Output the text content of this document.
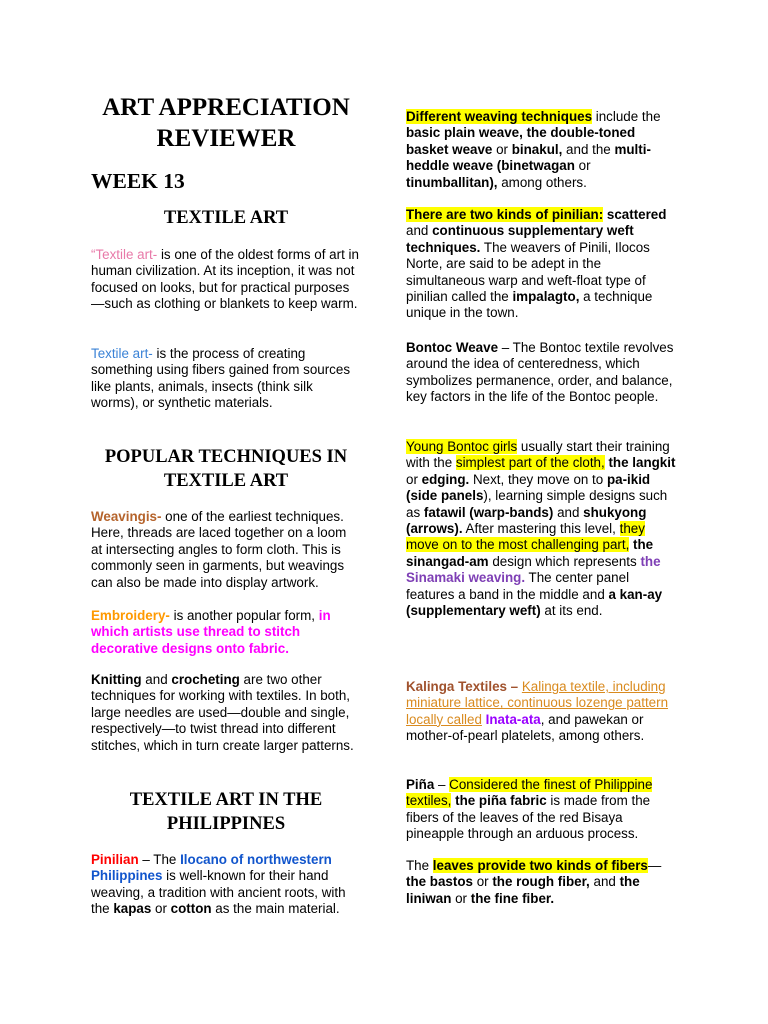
ART APPRECIATION
REVIEWER
WEEK 13
TEXTILE ART

“Textile art- is one of the oldest forms of art in human civilization. At its inception, it was not focused on looks, but for practical purposes—such as clothing or blankets to keep warm.

Textile art- is the process of creating something using fibers gained from sources like plants, animals, insects (think silk worms), or synthetic materials.

POPULAR TECHNIQUES IN
TEXTILE ART

Weavingis- one of the earliest techniques. Here, threads are laced together on a loom at intersecting angles to form cloth. This is commonly seen in garments, but weavings can also be made into display artwork.

Embroidery- is another popular form, in which artists use thread to stitch decorative designs onto fabric.

Knitting and crocheting are two other techniques for working with textiles. In both, large needles are used—double and single, respectively—to twist thread into different stitches, which in turn create larger patterns.

TEXTILE ART IN THE
PHILIPPINES

Pinilian – The Ilocano of northwestern Philippines is well-known for their hand weaving, a tradition with ancient roots, with the kapas or cotton as the main material.

Different weaving techniques include the basic plain weave, the double-toned basket weave or binakul, and the multi-heddle weave (binetwagan or tinumballitan), among others.

There are two kinds of pinilian: scattered and continuous supplementary weft techniques. The weavers of Pinili, Ilocos Norte, are said to be adept in the simultaneous warp and weft-float type of pinilian called the impalagto, a technique unique in the town.

Bontoc Weave – The Bontoc textile revolves around the idea of centeredness, which symbolizes permanence, order, and balance, key factors in the life of the Bontoc people.

Young Bontoc girls usually start their training with the simplest part of the cloth, the langkit or edging. Next, they move on to pa-ikid (side panels), learning simple designs such as fatawil (warp-bands) and shukyong (arrows). After mastering this level, they move on to the most challenging part, the sinangad-am design which represents the Sinamaki weaving. The center panel features a band in the middle and a kan-ay (supplementary weft) at its end.

Kalinga Textiles – Kalinga textile, including miniature lattice, continuous lozenge pattern locally called Inata-ata, and pawekan or mother-of-pearl platelets, among others.

Piña – Considered the finest of Philippine textiles, the piña fabric is made from the fibers of the leaves of the red Bisaya pineapple through an arduous process.

The leaves provide two kinds of fibers—the bastos or the rough fiber, and the liniwan or the fine fiber.
